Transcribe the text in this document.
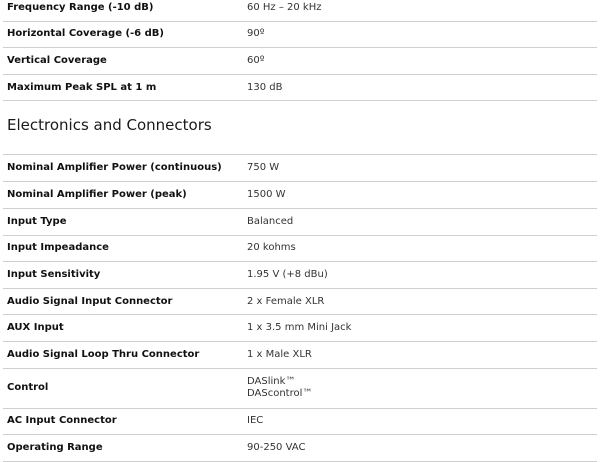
Frequency Range (-10 dB)	60 Hz – 20 kHz
Horizontal Coverage (-6 dB)	90º
Vertical Coverage	60º
Maximum Peak SPL at 1 m	130 dB
Electronics and Connectors
Nominal Amplifier Power (continuous)	750 W
Nominal Amplifier Power (peak)	1500 W
Input Type	Balanced
Input Impeadance	20 kohms
Input Sensitivity	1.95 V (+8 dBu)
Audio Signal Input Connector	2 x Female XLR
AUX Input	1 x 3.5 mm Mini Jack
Audio Signal Loop Thru Connector	1 x Male XLR
Control	DASlink™
DAScontrol™

AC Input Connector	IEC
Operating Range	90-250 VAC
